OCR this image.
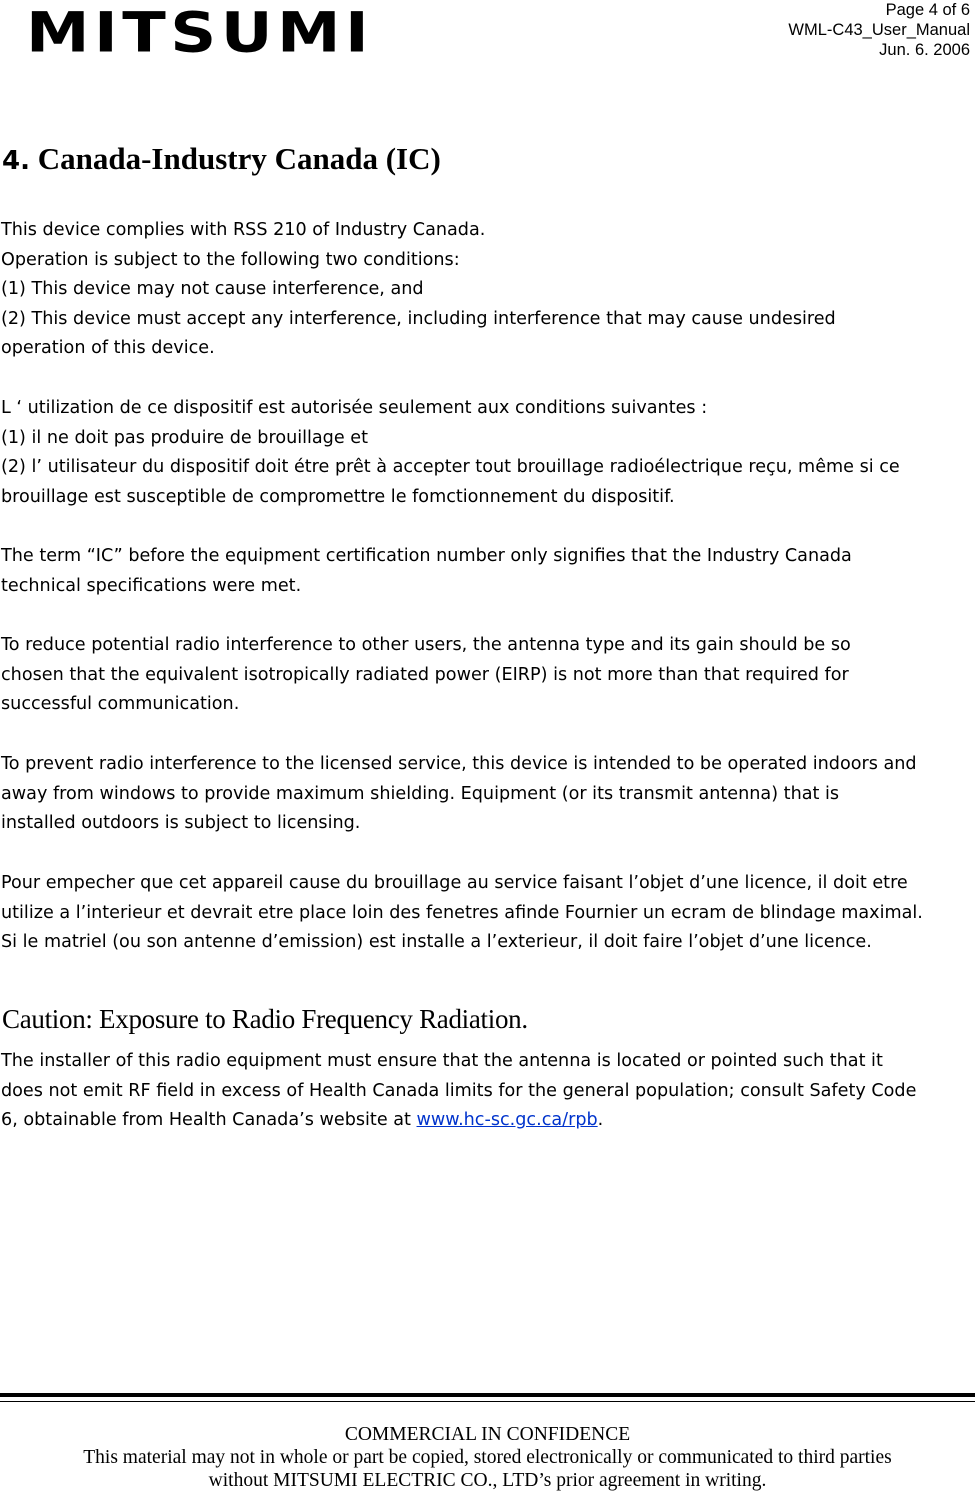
MITSUMI	Page 4 of 6
WML-C43_User_Manual
Jun. 6. 2006
4. Canada-Industry Canada (IC)
This device complies with RSS 210 of Industry Canada.
Operation is subject to the following two conditions:
(1) This device may not cause interference, and
(2) This device must accept any interference, including interference that may cause undesired
operation of this device.
L ‘ utilization de ce dispositif est autorisée seulement aux conditions suivantes :
(1) il ne doit pas produire de brouillage et
(2) l’ utilisateur du dispositif doit étre prêt à accepter tout brouillage radioélectrique reçu, même si ce
brouillage est susceptible de compromettre le fomctionnement du dispositif.
The term “IC” before the equipment certification number only signifies that the Industry Canada
technical specifications were met.
To reduce potential radio interference to other users, the antenna type and its gain should be so
chosen that the equivalent isotropically radiated power (EIRP) is not more than that required for
successful communication.
To prevent radio interference to the licensed service, this device is intended to be operated indoors and
away from windows to provide maximum shielding. Equipment (or its transmit antenna) that is
installed outdoors is subject to licensing.
Pour empecher que cet appareil cause du brouillage au service faisant l’objet d’une licence, il doit etre
utilize a l’interieur et devrait etre place loin des fenetres afinde Fournier un ecram de blindage maximal.
Si le matriel (ou son antenne d’emission) est installe a l’exterieur, il doit faire l’objet d’une licence.
Caution: Exposure to Radio Frequency Radiation.
The installer of this radio equipment must ensure that the antenna is located or pointed such that it
does not emit RF field in excess of Health Canada limits for the general population; consult Safety Code
6, obtainable from Health Canada’s website at www.hc-sc.gc.ca/rpb.
COMMERCIAL IN CONFIDENCE
This material may not in whole or part be copied, stored electronically or communicated to third parties
without MITSUMI ELECTRIC CO., LTD’s prior agreement in writing.
